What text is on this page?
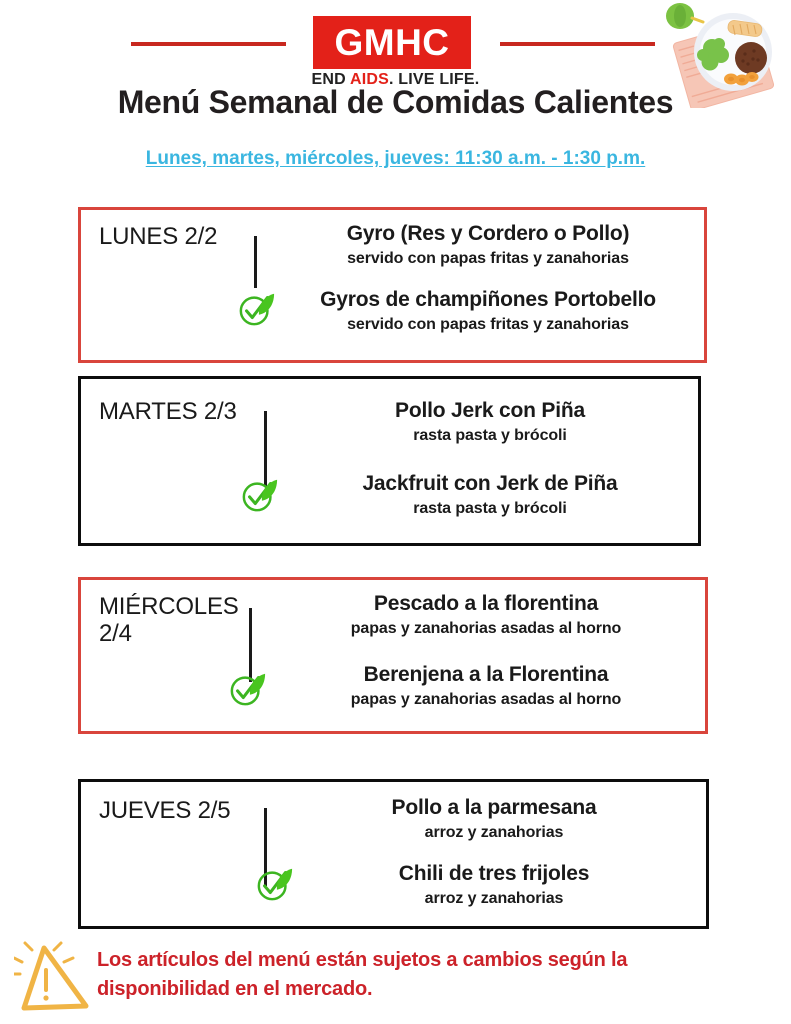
GMHC
END AIDS. LIVE LIFE.
Menú Semanal de Comidas Calientes
Lunes, martes, miércoles, jueves: 11:30 a.m. - 1:30 p.m.
LUNES 2/2	Gyro (Res y Cordero o Pollo)
servido con papas fritas y zanahorias
Gyros de champiñones Portobello
servido con papas fritas y zanahorias
MARTES 2/3	Pollo Jerk con Piña
rasta pasta y brócoli
Jackfruit con Jerk de Piña
rasta pasta y brócoli
MIÉRCOLES 2/4
Pescado a la florentina
papas y zanahorias asadas al horno
Berenjena a la Florentina
papas y zanahorias asadas al horno
JUEVES 2/5	Pollo a la parmesana
arroz y zanahorias
Chili de tres frijoles
arroz y zanahorias
Los artículos del menú están sujetos a cambios según la disponibilidad en el mercado.
